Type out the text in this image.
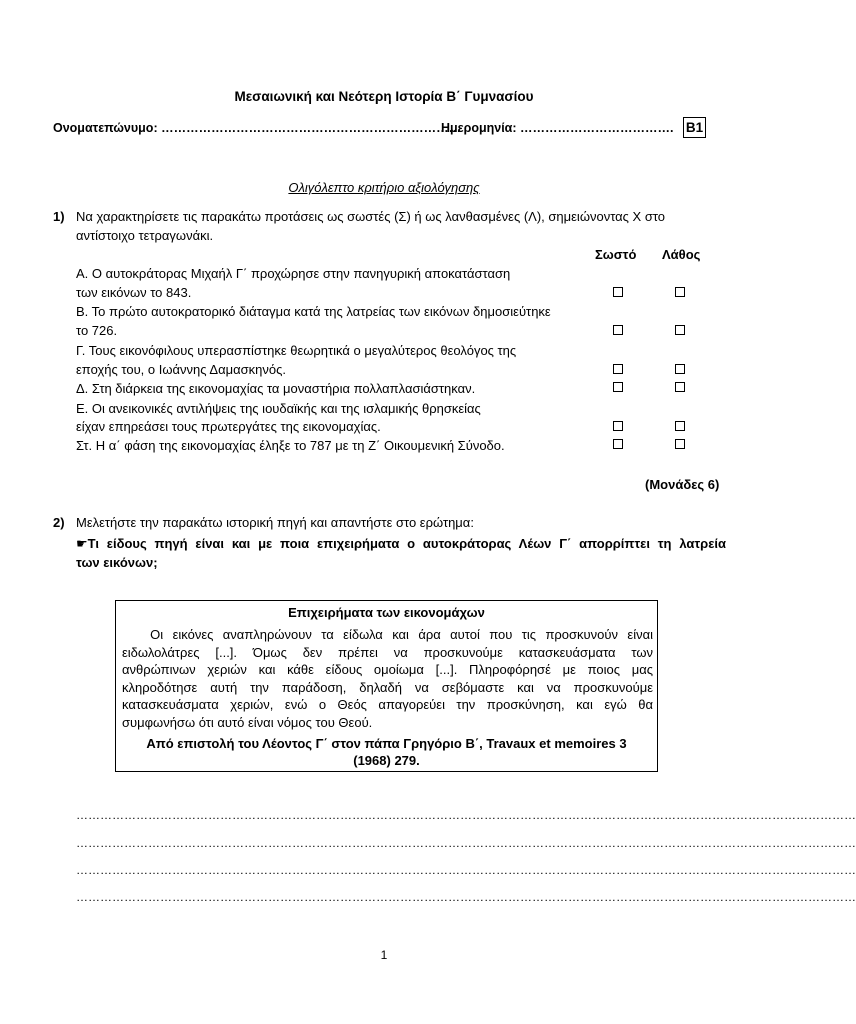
Μεσαιωνική και Νεότερη Ιστορία Β΄ Γυμνασίου
Ονοματεπώνυμο: ………………………………………………………………
Ημερομηνία: ………………………………. Β1
Ολιγόλεπτο κριτήριο αξιολόγησης
1) Να χαρακτηρίσετε τις παρακάτω προτάσεις ως σωστές (Σ) ή ως λανθασμένες (Λ), σημειώνοντας Χ στο
αντίστοιχο τετραγωνάκι.
Σωστό Λάθος
Α. Ο αυτοκράτορας Μιχαήλ Γ΄ προχώρησε στην πανηγυρική αποκατάσταση
των εικόνων το 843.
Β. Το πρώτο αυτοκρατορικό διάταγμα κατά της λατρείας των εικόνων δημοσιεύτηκε
το 726.
Γ. Τους εικονόφιλους υπερασπίστηκε θεωρητικά ο μεγαλύτερος θεολόγος της
εποχής του, ο Ιωάννης Δαμασκηνός.
Δ. Στη διάρκεια της εικονομαχίας τα μοναστήρια πολλαπλασιάστηκαν.
Ε. Οι ανεικονικές αντιλήψεις της ιουδαϊκής και της ισλαμικής θρησκείας
είχαν επηρεάσει τους πρωτεργάτες της εικονομαχίας.
Στ. Η α΄ φάση της εικονομαχίας έληξε το 787 με τη Ζ΄ Οικουμενική Σύνοδο.
(Μονάδες 6)
2) Μελετήστε την παρακάτω ιστορική πηγή και απαντήστε στο ερώτημα:
☛Τι είδους πηγή είναι και με ποια επιχειρήματα ο αυτοκράτορας Λέων Γ΄ απορρίπτει τη λατρεία
των εικόνων;
Επιχειρήματα των εικονομάχων
Οι εικόνες αναπληρώνουν τα είδωλα και άρα αυτοί που τις προσκυνούν είναι
ειδωλολάτρες [...]. Όμως δεν πρέπει να προσκυνούμε κατασκευάσματα των
ανθρώπινων χεριών και κάθε είδους ομοίωμα [...]. Πληροφόρησέ με ποιος μας
κληροδότησε αυτή την παράδοση, δηλαδή να σεβόμαστε και να προσκυνούμε
κατασκευάσματα χεριών, ενώ ο Θεός απαγορεύει την προσκύνηση, και εγώ θα
συμφωνήσω ότι αυτό είναι νόμος του Θεού.
Από επιστολή του Λέοντος Γ΄ στον πάπα Γρηγόριο Β΄, Travaux et memoires 3
(1968) 279.
……………………………………………………………………………………………………………………………………………………………………………
……………………………………………………………………………………………………………………………………………………………………………
……………………………………………………………………………………………………………………………………………………………………………
……………………………………………………………………………………………………………………………………………………………………………
1
